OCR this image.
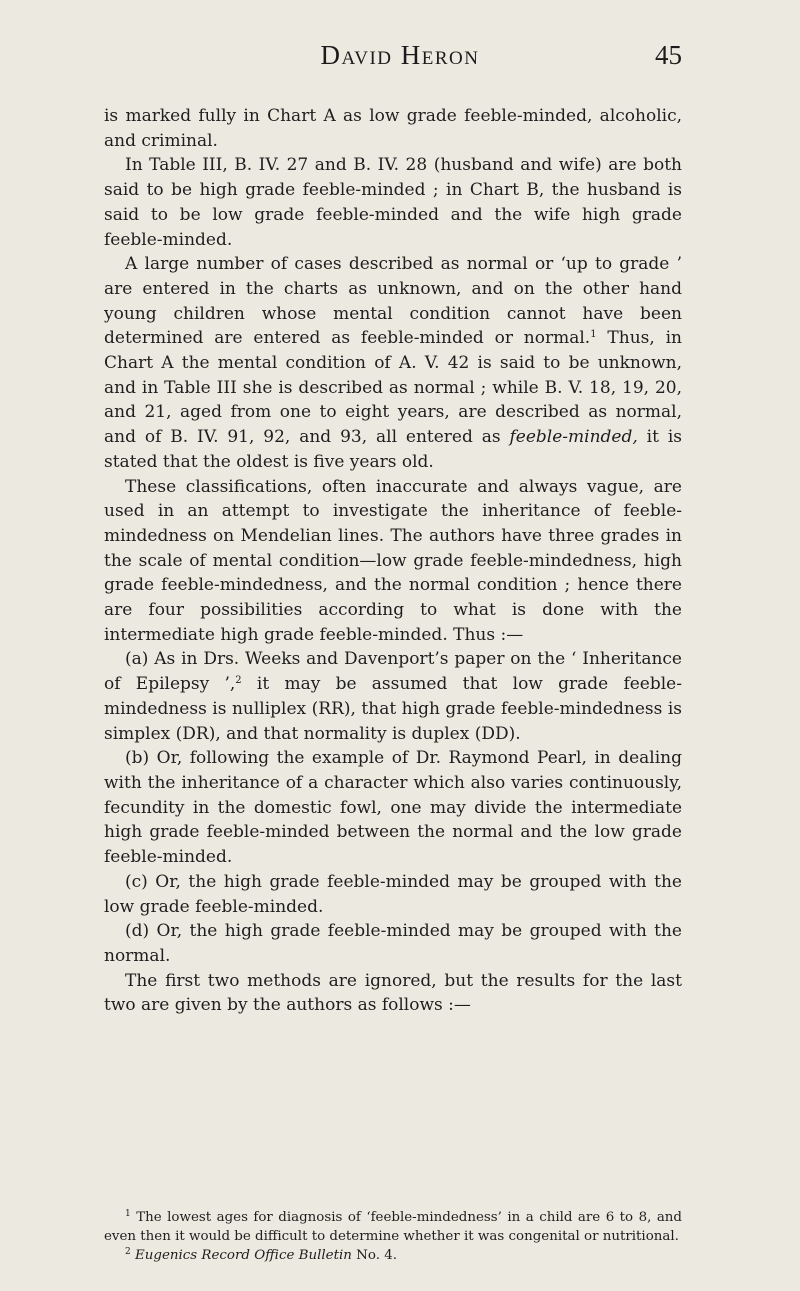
David Heron	45

is marked fully in Chart A as low grade feeble-minded, alcoholic, and criminal.

In Table III, B. IV. 27 and B. IV. 28 (husband and wife) are both said to be high grade feeble-minded ; in Chart B, the husband is said to be low grade feeble-minded and the wife high grade feeble-minded.

A large number of cases described as normal or ‘up to grade ’ are entered in the charts as unknown, and on the other hand young children whose mental condition cannot have been determined are entered as feeble-minded or normal.$^1$ Thus, in Chart A the mental condition of A. V. 42 is said to be unknown, and in Table III she is described as normal ; while B. V. 18, 19, 20, and 21, aged from one to eight years, are described as normal, and of B. IV. 91, 92, and 93, all entered as feeble-minded, it is stated that the oldest is five years old.

These classifications, often inaccurate and always vague, are used in an attempt to investigate the inheritance of feeble-mindedness on Mendelian lines. The authors have three grades in the scale of mental condition—low grade feeble-mindedness, high grade feeble-mindedness, and the normal condition ; hence there are four possibilities according to what is done with the intermediate high grade feeble-minded. Thus :—

(a) As in Drs. Weeks and Davenport’s paper on the ‘ Inheritance of Epilepsy ’,$^2$ it may be assumed that low grade feeble-mindedness is nulliplex (RR), that high grade feeble-mindedness is simplex (DR), and that normality is duplex (DD).

(b) Or, following the example of Dr. Raymond Pearl, in dealing with the inheritance of a character which also varies continuously, fecundity in the domestic fowl, one may divide the intermediate high grade feeble-minded between the normal and the low grade feeble-minded.

(c) Or, the high grade feeble-minded may be grouped with the low grade feeble-minded.

(d) Or, the high grade feeble-minded may be grouped with the normal.

The first two methods are ignored, but the results for the last two are given by the authors as follows :—

$^1$ The lowest ages for diagnosis of ‘feeble-mindedness’ in a child are 6 to 8, and even then it would be difficult to determine whether it was congenital or nutritional.

$^2$ Eugenics Record Office Bulletin No. 4.
